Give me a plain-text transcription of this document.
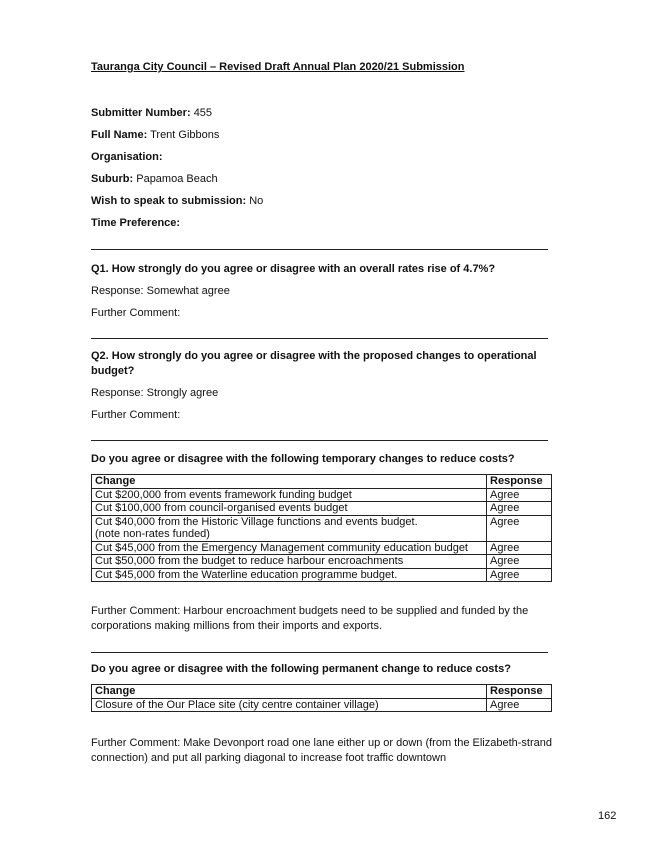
Tauranga City Council – Revised Draft Annual Plan 2020/21 Submission
Submitter Number: 455
Full Name: Trent Gibbons
Organisation:
Suburb: Papamoa Beach
Wish to speak to submission: No
Time Preference:
Q1. How strongly do you agree or disagree with an overall rates rise of 4.7%?
Response: Somewhat agree
Further Comment:
Q2. How strongly do you agree or disagree with the proposed changes to operational budget?
Response: Strongly agree
Further Comment:
Do you agree or disagree with the following temporary changes to reduce costs?
Change	Response
Cut $200,000 from events framework funding budget	Agree
Cut $100,000 from council-organised events budget	Agree

Cut $40,000 from the Historic Village functions and events budget.
(note non-rates funded)	Agree
Cut $45,000 from the Emergency Management community education budget	Agree
Cut $50,000 from the budget to reduce harbour encroachments	Agree
Cut $45,000 from the Waterline education programme budget.	Agree
Further Comment: Harbour encroachment budgets need to be supplied and funded by the corporations making millions from their imports and exports.
Do you agree or disagree with the following permanent change to reduce costs?
Change	Response
Closure of the Our Place site (city centre container village)	Agree
Further Comment: Make Devonport road one lane either up or down (from the Elizabeth-strand connection) and put all parking diagonal to increase foot traffic downtown
162
